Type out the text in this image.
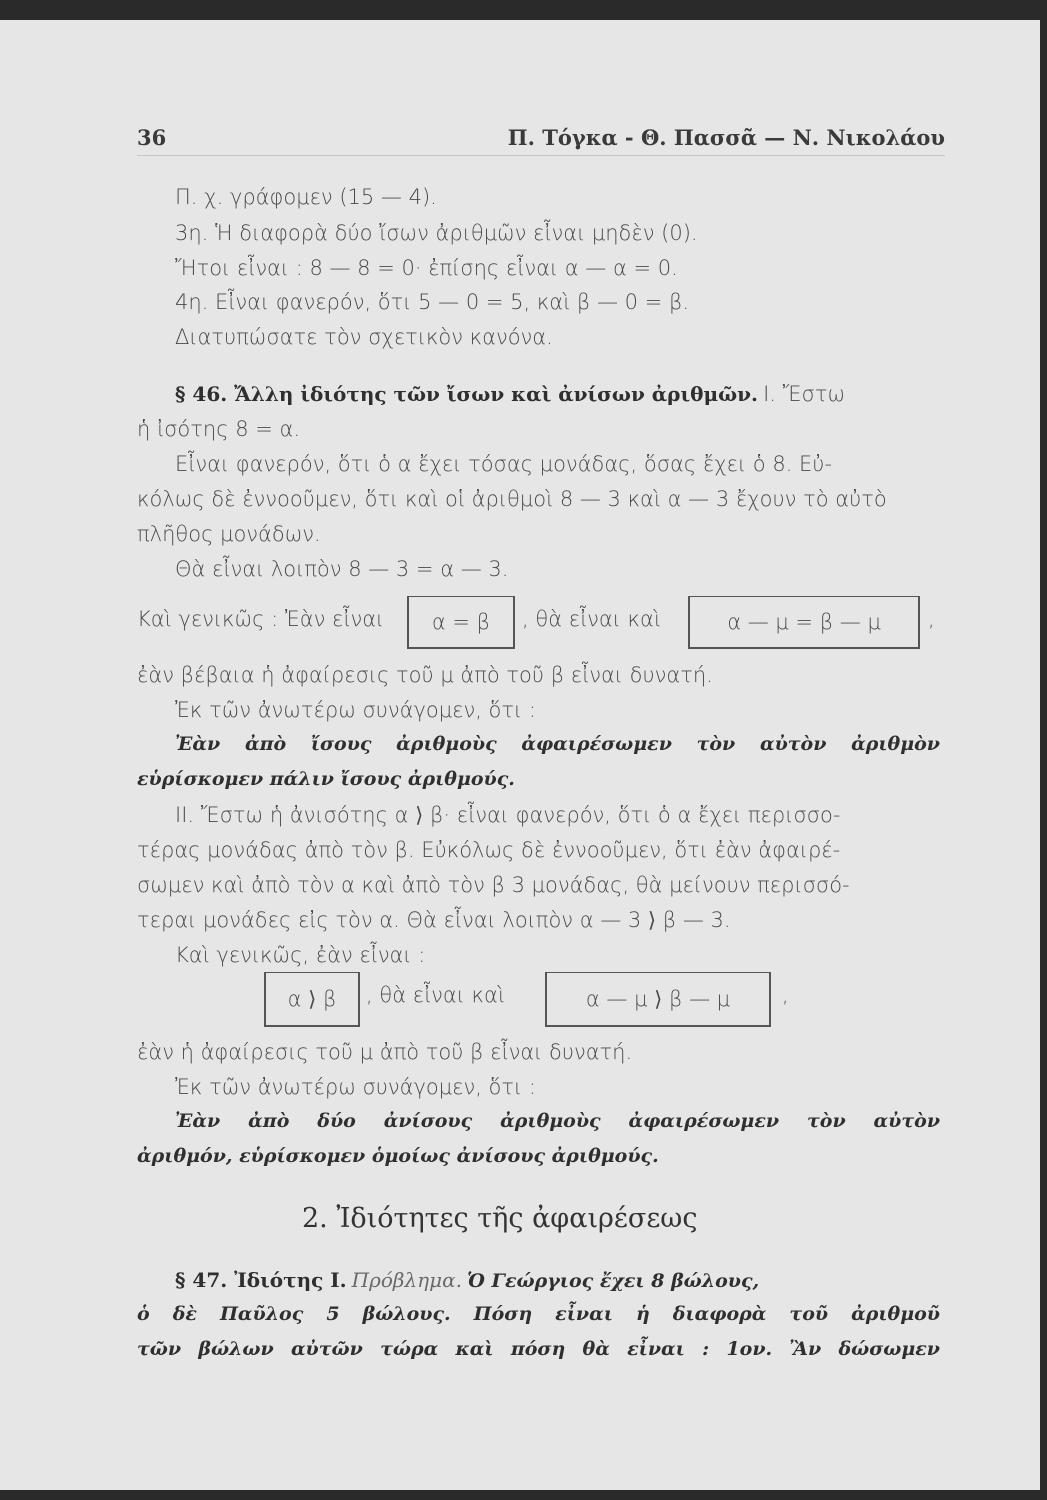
36	Π. Τόγκα - Θ. Πασσᾶ — Ν. Νικολάου
Π. χ. γράφομεν (15 — 4).
3η. Ἡ διαφορὰ δύο ἴσων ἀριθμῶν εἶναι μηδὲν (0).
Ἤτοι εἶναι : 8 — 8 = 0· ἐπίσης εἶναι α — α = 0.
4η. Εἶναι φανερόν, ὅτι 5 — 0 = 5, καὶ β — 0 = β.
Διατυπώσατε τὸν σχετικὸν κανόνα.
§ 46. Ἄλλη ἰδιότης τῶν ἴσων καὶ ἀνίσων ἀριθμῶν. I. Ἔστω
ἡ ἰσότης 8 = α.
Εἶναι φανερόν, ὅτι ὁ α ἔχει τόσας μονάδας, ὅσας ἔχει ὁ 8. Εὐ-
κόλως δὲ ἐννοοῦμεν, ὅτι καὶ οἱ ἀριθμοὶ 8 — 3 καὶ α — 3 ἔχουν τὸ αὐτὸ
πλῆθος μονάδων.
Θὰ εἶναι λοιπὸν 8 — 3 = α — 3.
Καὶ γενικῶς : Ἐὰν εἶναι	α = β	, θὰ εἶναι καὶ	α — μ = β — μ	,
ἐὰν βέβαια ἡ ἀφαίρεσις τοῦ μ ἀπὸ τοῦ β εἶναι δυνατή.
Ἐκ τῶν ἀνωτέρω συνάγομεν, ὅτι :
Ἐὰν ἀπὸ ἴσους ἀριθμοὺς ἀφαιρέσωμεν τὸν αὐτὸν ἀριθμὸν
εὑρίσκομεν πάλιν ἴσους ἀριθμούς.
II. Ἔστω ἡ ἀνισότης α ⟩ β· εἶναι φανερόν, ὅτι ὁ α ἔχει περισσο-
τέρας μονάδας ἀπὸ τὸν β. Εὐκόλως δὲ ἐννοοῦμεν, ὅτι ἐὰν ἀφαιρέ-
σωμεν καὶ ἀπὸ τὸν α καὶ ἀπὸ τὸν β 3 μονάδας, θὰ μείνουν περισσό-
τεραι μονάδες εἰς τὸν α. Θὰ εἶναι λοιπὸν α — 3 ⟩ β — 3.
Καὶ γενικῶς, ἐὰν εἶναι :
α ⟩ β	, θὰ εἶναι καὶ	α — μ ⟩ β — μ	,
ἐὰν ἡ ἀφαίρεσις τοῦ μ ἀπὸ τοῦ β εἶναι δυνατή.
Ἐκ τῶν ἀνωτέρω συνάγομεν, ὅτι :
Ἐὰν ἀπὸ δύο ἀνίσους ἀριθμοὺς ἀφαιρέσωμεν τὸν αὐτὸν
ἀριθμόν, εὑρίσκομεν ὁμοίως ἀνίσους ἀριθμούς.
2. Ἰδιότητες τῆς ἀφαιρέσεως
§ 47. Ἰδιότης I. Πρόβλημα. Ὁ Γεώργιος ἔχει 8 βώλους,
ὁ δὲ Παῦλος 5 βώλους. Πόση εἶναι ἡ διαφορὰ τοῦ ἀριθμοῦ
τῶν βώλων αὐτῶν τώρα καὶ πόση θὰ εἶναι : 1ον. Ἂν δώσωμεν
